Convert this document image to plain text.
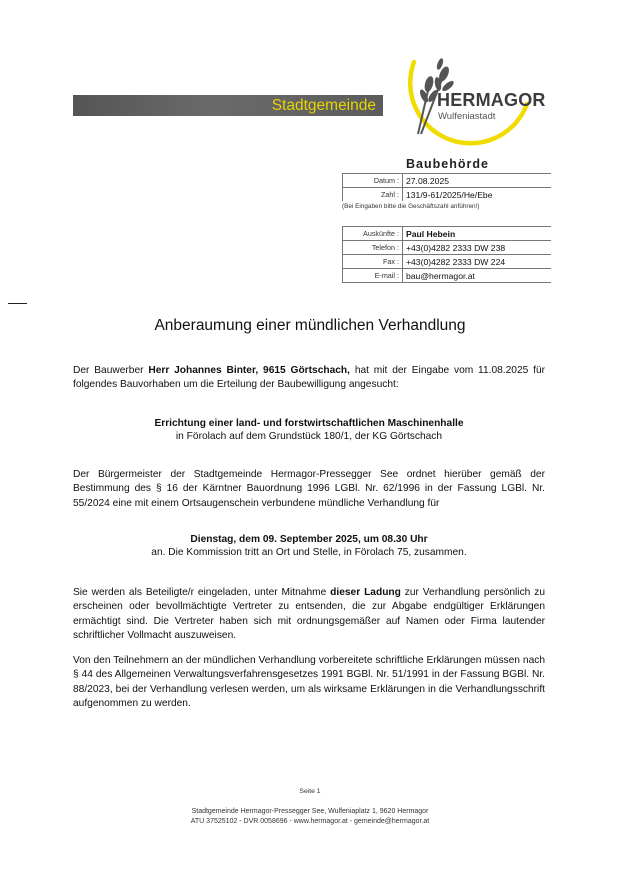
Stadtgemeinde	HERMAGOR
Wulfeniastadt
Baubehörde
Datum :	27.08.2025
Zahl :	131/9-61/2025/He/Ebe
(Bei Eingaben bitte die Geschäftszahl anführen!)
Auskünfte :	Paul Hebein
Telefon :	+43(0)4282 2333 DW 238
Fax :	+43(0)4282 2333 DW 224
E-mail :	bau@hermagor.at
Anberaumung einer mündlichen Verhandlung
Der Bauwerber Herr Johannes Binter, 9615 Görtschach, hat mit der Eingabe vom 11.08.2025 für folgendes Bauvorhaben um die Erteilung der Baubewilligung angesucht:
Errichtung einer land- und forstwirtschaftlichen Maschinenhalle
in Förolach auf dem Grundstück 180/1, der KG Görtschach
Der Bürgermeister der Stadtgemeinde Hermagor-Pressegger See ordnet hierüber gemäß der Bestimmung des § 16 der Kärntner Bauordnung 1996 LGBl. Nr. 62/1996 in der Fassung LGBl. Nr. 55/2024 eine mit einem Ortsaugenschein verbundene mündliche Verhandlung für
Dienstag, dem 09. September 2025, um 08.30 Uhr
an. Die Kommission tritt an Ort und Stelle, in Förolach 75, zusammen.
Sie werden als Beteiligte/r eingeladen, unter Mitnahme dieser Ladung zur Verhandlung persönlich zu erscheinen oder bevollmächtigte Vertreter zu entsenden, die zur Abgabe endgültiger Erklärungen ermächtigt sind. Die Vertreter haben sich mit ordnungsgemäßer auf Namen oder Firma lautender schriftlicher Vollmacht auszuweisen.
Von den Teilnehmern an der mündlichen Verhandlung vorbereitete schriftliche Erklärungen müssen nach § 44 des Allgemeinen Verwaltungsverfahrensgesetzes 1991 BGBl. Nr. 51/1991 in der Fassung BGBl. Nr. 88/2023, bei der Verhandlung verlesen werden, um als wirksame Erklärungen in die Verhandlungsschrift aufgenommen zu werden.
Seite 1
Stadtgemeinde Hermagor-Pressegger See, Wulfeniaplatz 1, 9620 Hermagor
ATU 37525102 - DVR 0058696 - www.hermagor.at - gemeinde@hermagor.at
